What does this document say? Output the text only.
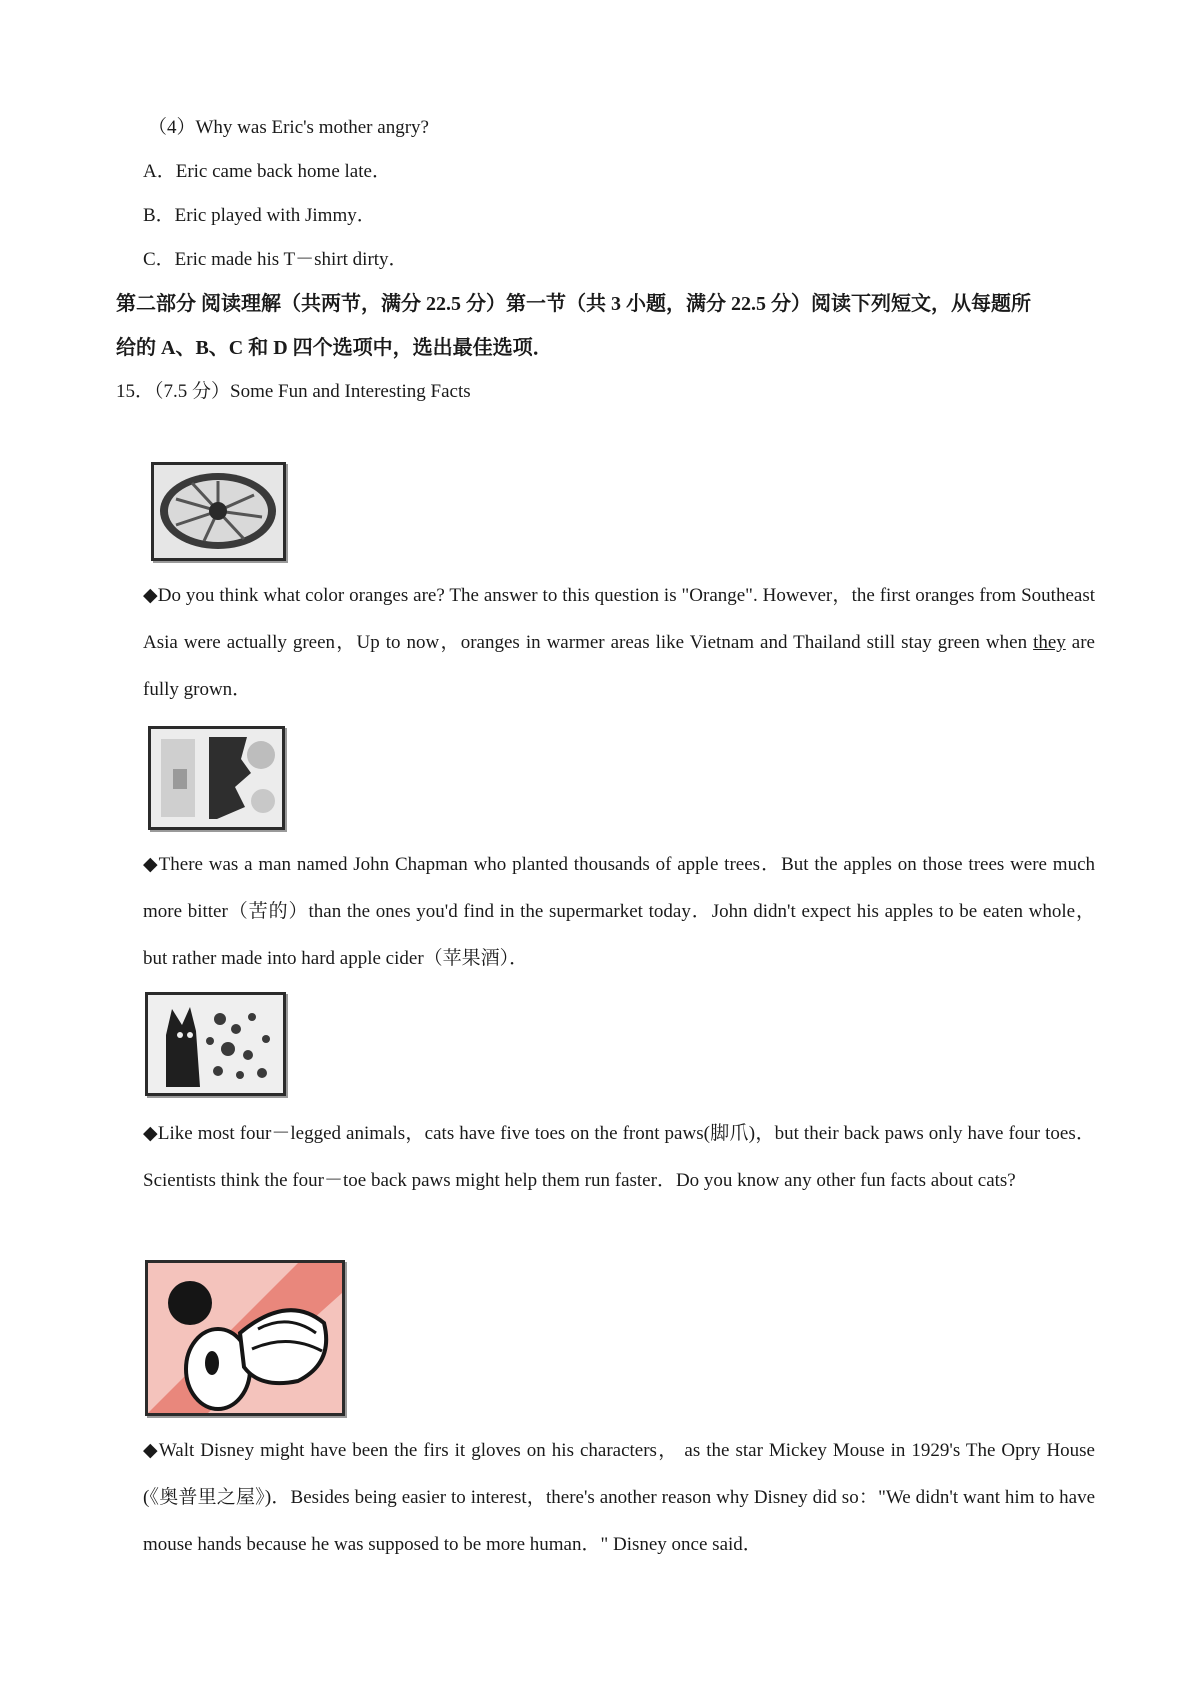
（4）Why was Eric's mother angry?
A．Eric came back home late．
B．Eric played with Jimmy．
C．Eric made his T－shirt dirty．
第二部分 阅读理解（共两节，满分 22.5 分）第一节（共 3 小题，满分 22.5 分）阅读下列短文，从每题所
给的 A、B、C 和 D 四个选项中，选出最佳选项．
15．（7.5 分）Some Fun and Interesting Facts

◆Do you think what color oranges are? The answer to this question is "Orange". However，the first oranges from Southeast Asia were actually green，Up to now，oranges in warmer areas like Vietnam and Thailand still stay green when they are fully grown．

◆There was a man named John Chapman who planted thousands of apple trees．But the apples on those trees were much more bitter（苦的）than the ones you'd find in the supermarket today．John didn't expect his apples to be eaten whole，but rather made into hard apple cider（苹果酒）．

◆Like most four－legged animals，cats have five toes on the front paws(脚爪)，but their back paws only have four toes．Scientists think the four－toe back paws might help them run faster．Do you know any other fun facts about cats?

◆Walt Disney might have been the firs it gloves on his characters， as the star Mickey Mouse in 1929's The Opry House (《奥普里之屋》)．Besides being easier to interest，there's another reason why Disney did so："We didn't want him to have mouse hands because he was supposed to be more human．" Disney once said．
